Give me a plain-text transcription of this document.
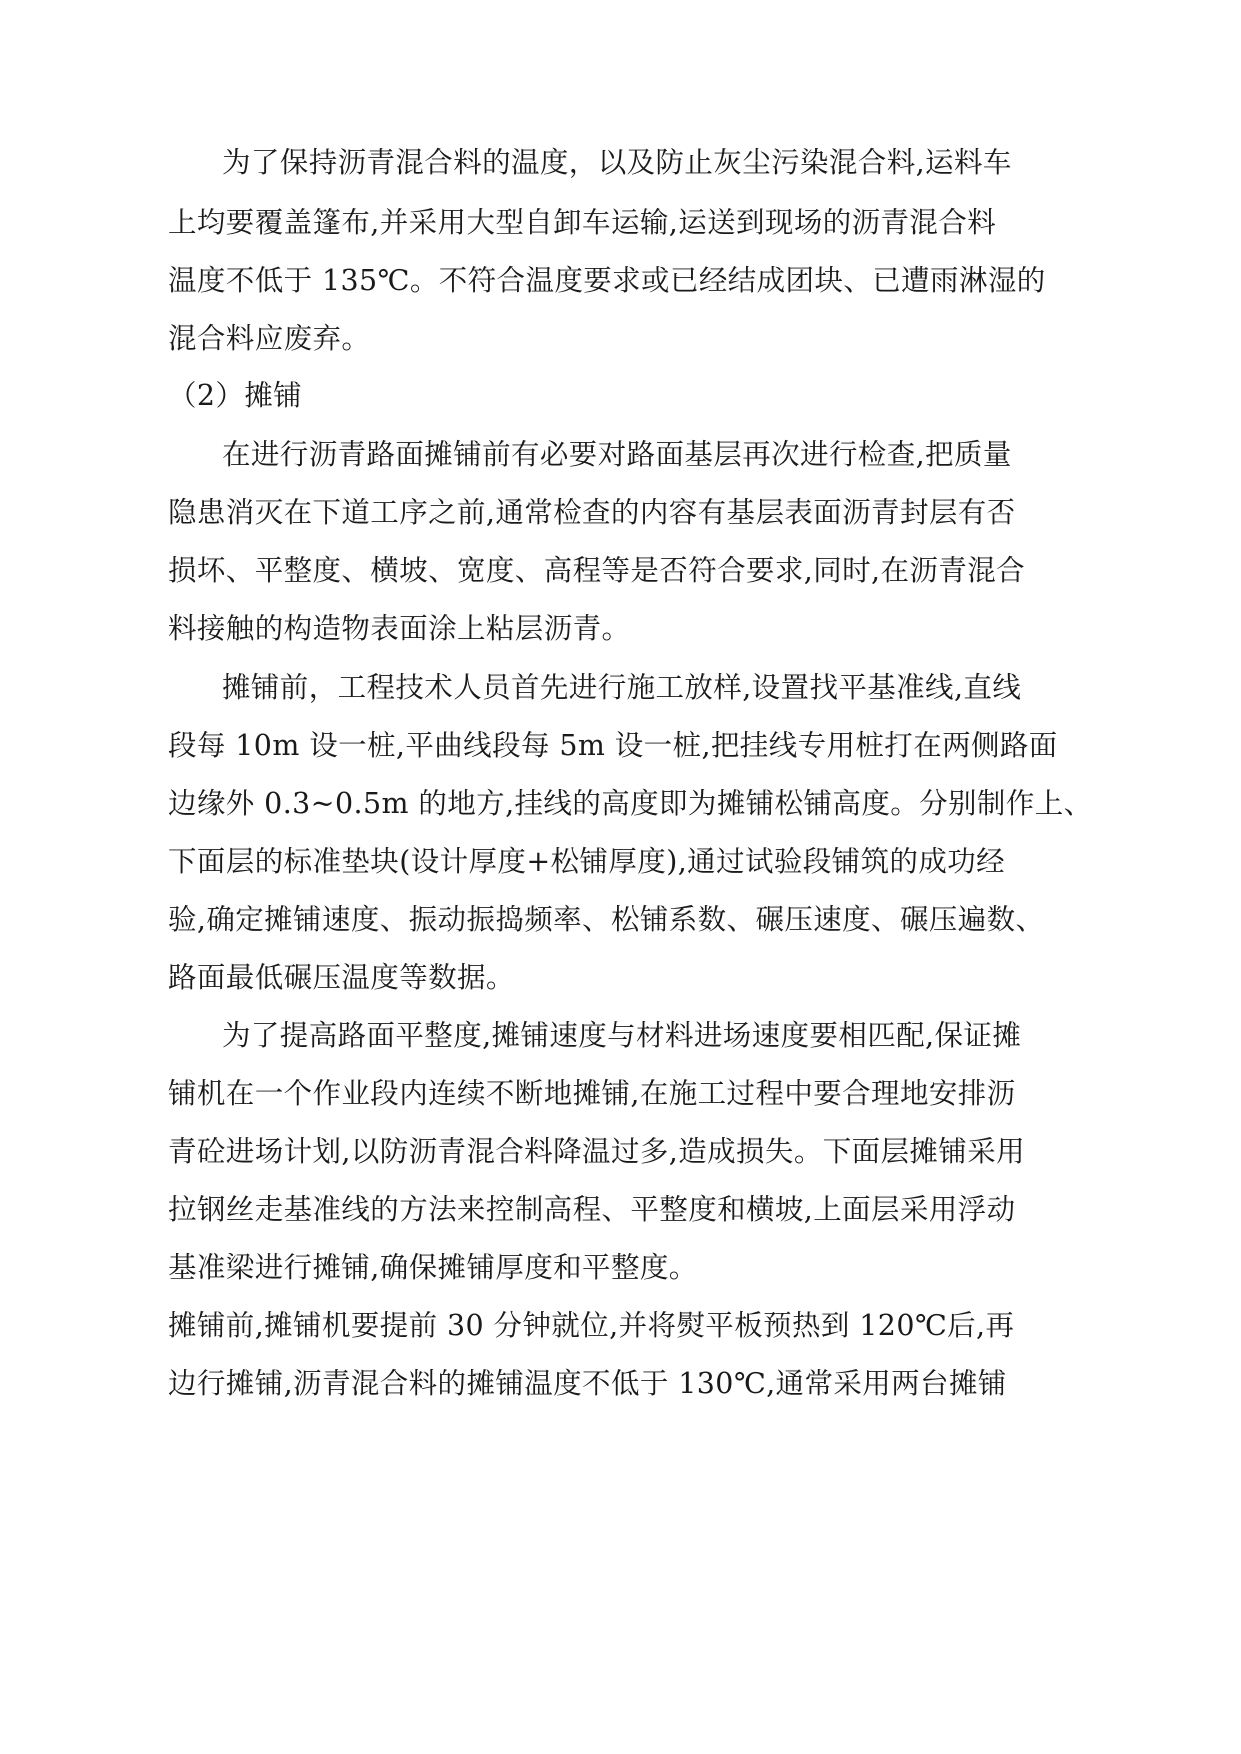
为了保持沥青混合料的温度，以及防止灰尘污染混合料,运料车
上均要覆盖篷布,并采用大型自卸车运输,运送到现场的沥青混合料
温度不低于 135℃。不符合温度要求或已经结成团块、已遭雨淋湿的
混合料应废弃。
（2）摊铺
在进行沥青路面摊铺前有必要对路面基层再次进行检查,把质量
隐患消灭在下道工序之前,通常检查的内容有基层表面沥青封层有否
损坏、平整度、横坡、宽度、高程等是否符合要求,同时,在沥青混合
料接触的构造物表面涂上粘层沥青。
摊铺前，工程技术人员首先进行施工放样,设置找平基准线,直线
段每 10m 设一桩,平曲线段每 5m 设一桩,把挂线专用桩打在两侧路面
边缘外 0.3~0.5m 的地方,挂线的高度即为摊铺松铺高度。分别制作上、
下面层的标准垫块(设计厚度+松铺厚度),通过试验段铺筑的成功经
验,确定摊铺速度、振动振捣频率、松铺系数、碾压速度、碾压遍数、
路面最低碾压温度等数据。
为了提高路面平整度,摊铺速度与材料进场速度要相匹配,保证摊
铺机在一个作业段内连续不断地摊铺,在施工过程中要合理地安排沥
青砼进场计划,以防沥青混合料降温过多,造成损失。下面层摊铺采用
拉钢丝走基准线的方法来控制高程、平整度和横坡,上面层采用浮动
基准梁进行摊铺,确保摊铺厚度和平整度。
摊铺前,摊铺机要提前 30 分钟就位,并将熨平板预热到 120℃后,再
边行摊铺,沥青混合料的摊铺温度不低于 130℃,通常采用两台摊铺
